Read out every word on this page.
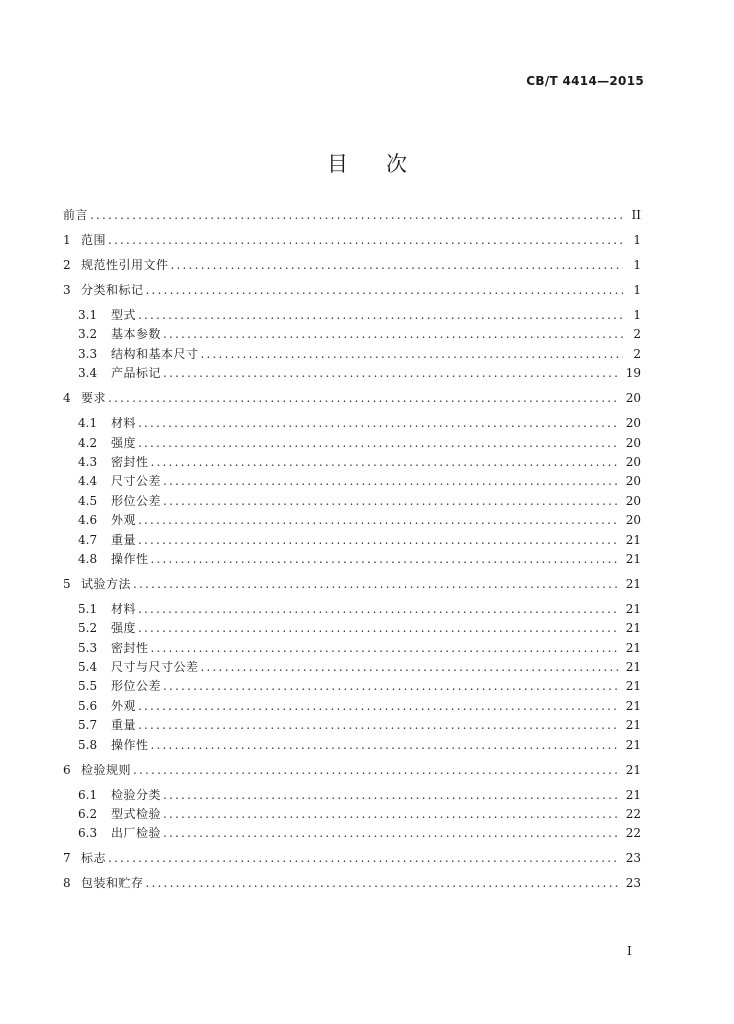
CB/T 4414—2015
目次
前言 .....	II
1 范围 .....	1
2 规范性引用文件 .....	1
3 分类和标记 .....	1
3.1	型式 .....	1
3.2	基本参数 .....	2
3.3	结构和基本尺寸 .....	2
3.4	产品标记 .....	19
4 要求 .....	20
4.1	材料 .....	20
4.2	强度 .....	20
4.3	密封性 .....	20
4.4	尺寸公差 .....	20
4.5	形位公差 .....	20
4.6	外观 .....	20
4.7	重量 .....	21
4.8	操作性 .....	21
5 试验方法 .....	21
5.1	材料 .....	21
5.2	强度 .....	21
5.3	密封性 .....	21
5.4	尺寸与尺寸公差 .....	21
5.5	形位公差 .....	21
5.6	外观 .....	21
5.7	重量 .....	21
5.8	操作性 .....	21
6 检验规则 .....	21
6.1	检验分类 .....	21
6.2	型式检验 .....	22
6.3	出厂检验 .....	22
7 标志 .....	23
8 包装和贮存 .....	23
I
